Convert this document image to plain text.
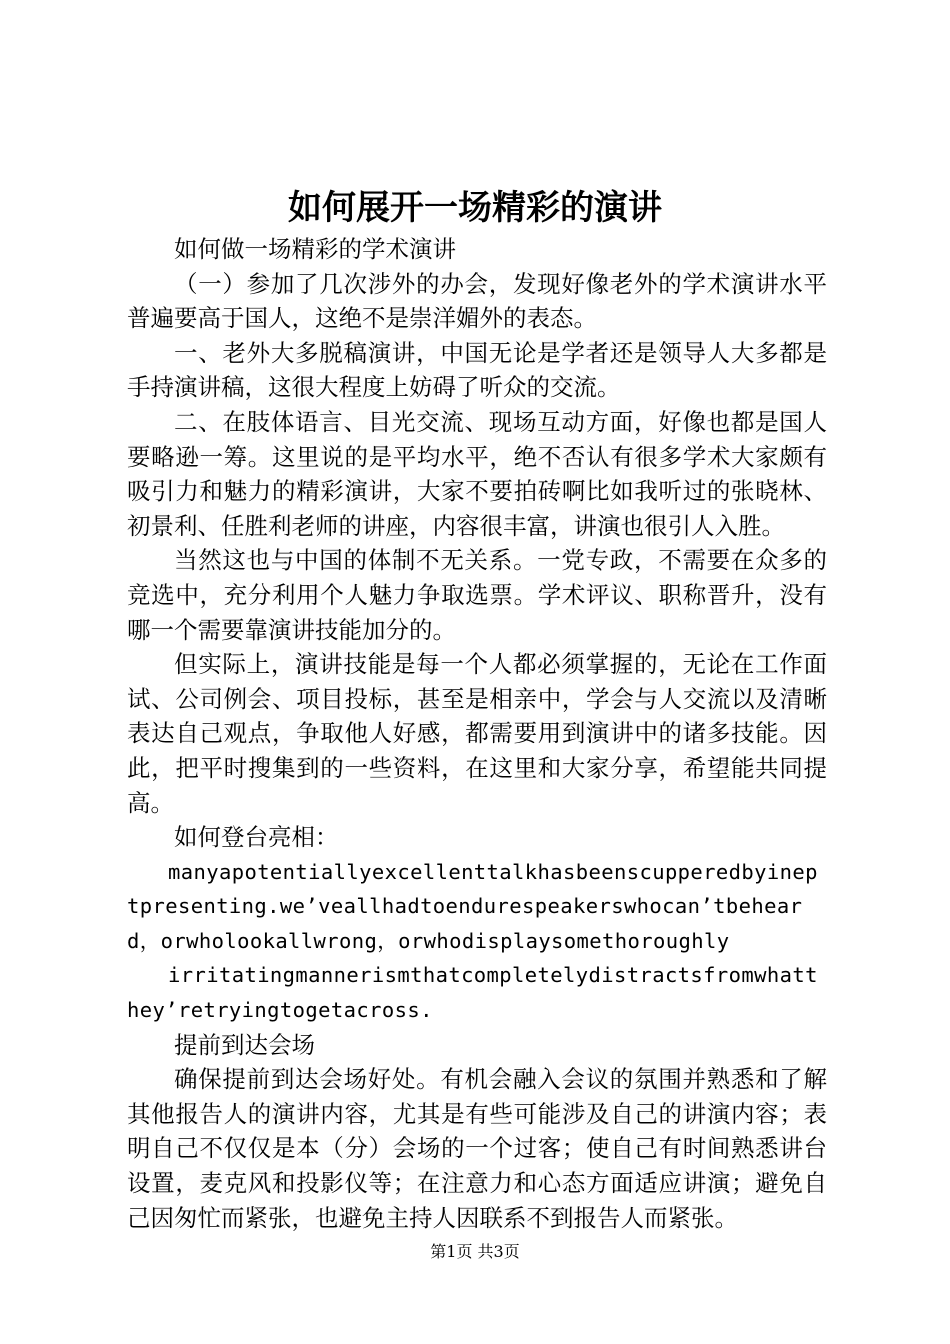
如何展开一场精彩的演讲

如何做一场精彩的学术演讲

（一）参加了几次涉外的办会，发现好像老外的学术演讲水平普遍要高于国人，这绝不是崇洋媚外的表态。

一、老外大多脱稿演讲，中国无论是学者还是领导人大多都是手持演讲稿，这很大程度上妨碍了听众的交流。

二、在肢体语言、目光交流、现场互动方面，好像也都是国人要略逊一筹。这里说的是平均水平，绝不否认有很多学术大家颇有吸引力和魅力的精彩演讲，大家不要拍砖啊比如我听过的张晓林、初景利、任胜利老师的讲座，内容很丰富，讲演也很引人入胜。

当然这也与中国的体制不无关系。一党专政，不需要在众多的竞选中，充分利用个人魅力争取选票。学术评议、职称晋升，没有哪一个需要靠演讲技能加分的。

但实际上，演讲技能是每一个人都必须掌握的，无论在工作面试、公司例会、项目投标，甚至是相亲中，学会与人交流以及清晰表达自己观点，争取他人好感，都需要用到演讲中的诸多技能。因此，把平时搜集到的一些资料，在这里和大家分享，希望能共同提高。

如何登台亮相：

manyapotentiallyexcellenttalkhasbeenscupperedbyineptpresenting.we’veallhadtoendurespeakerswhocan’tbeheard，orwholookallwrong，orwhodisplaysomethoroughly

irritatingmannerismthatcompletelydistractsfromwhatthey’retryingtogetacross.

提前到达会场

确保提前到达会场好处。有机会融入会议的氛围并熟悉和了解其他报告人的演讲内容，尤其是有些可能涉及自己的讲演内容；表明自己不仅仅是本（分）会场的一个过客；使自己有时间熟悉讲台设置，麦克风和投影仪等；在注意力和心态方面适应讲演；避免自己因匆忙而紧张，也避免主持人因联系不到报告人而紧张。

第1页 共3页
